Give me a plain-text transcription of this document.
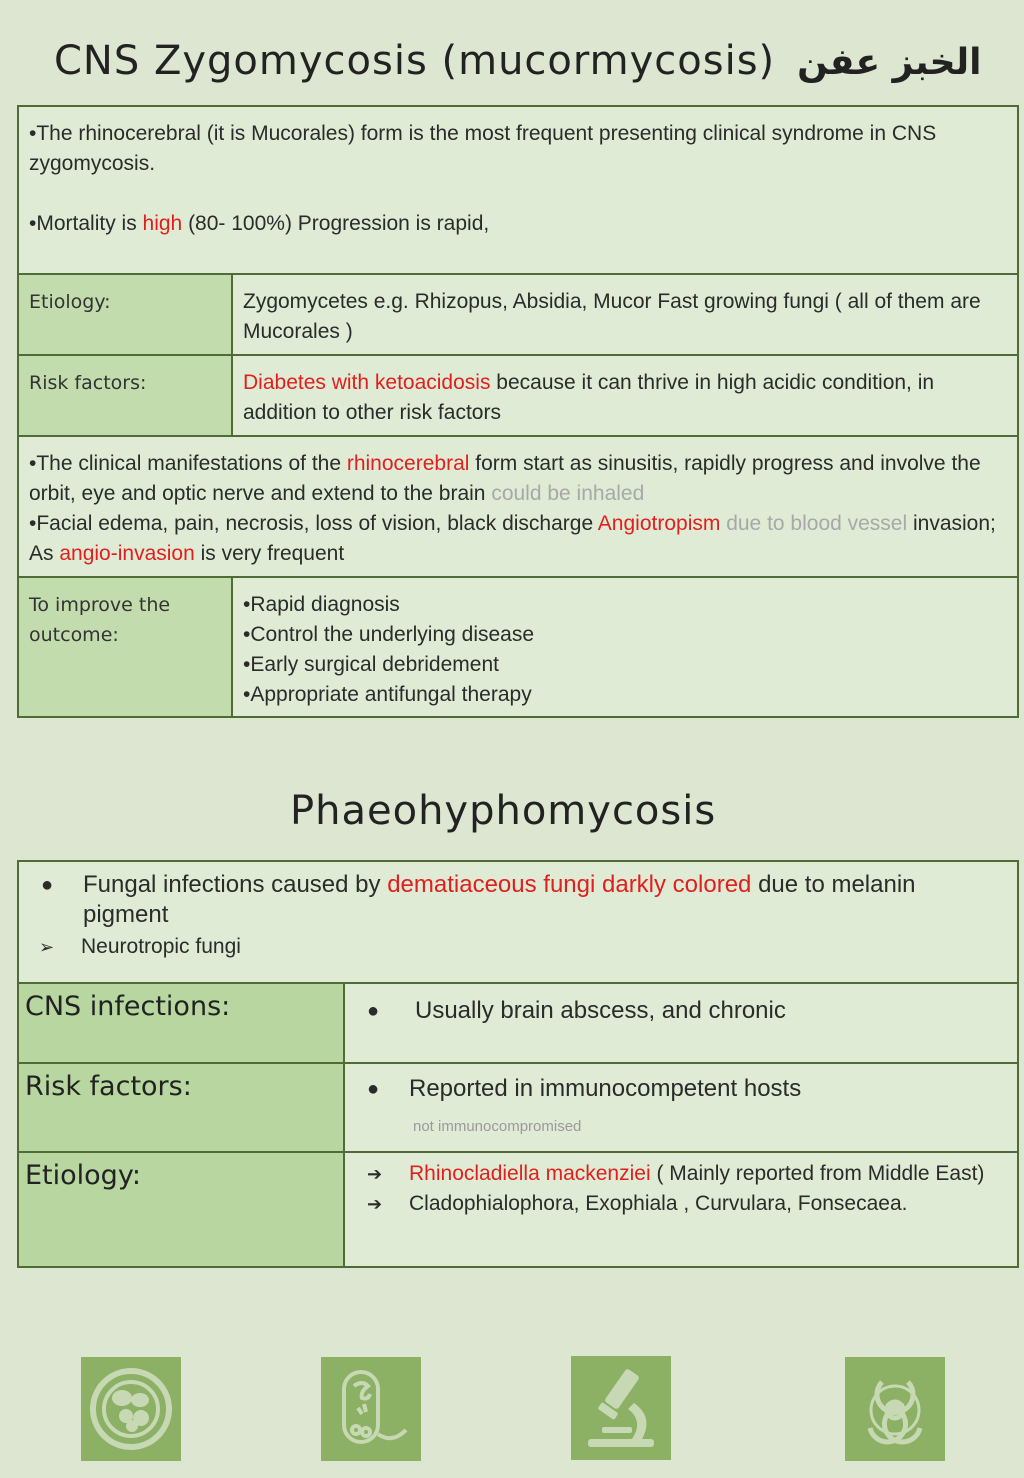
CNS Zygomycosis (mucormycosis) الخبز عفن

•The rhinocerebral (it is Mucorales) form is the most frequent presenting clinical syndrome in CNS zygomycosis.

•Mortality is high (80- 100%) Progression is rapid,	

Etiology:	Zygomycetes e.g. Rhizopus, Absidia, Mucor Fast growing fungi ( all of them are Mucorales )
Risk factors:	Diabetes with ketoacidosis because it can thrive in high acidic condition, in addition to other risk factors

•The clinical manifestations of the rhinocerebral form start as sinusitis, rapidly progress and involve the orbit, eye and optic nerve and extend to the brain could be inhaled

•Facial edema, pain, necrosis, loss of vision, black discharge Angiotropism due to blood vessel invasion; As angio-invasion is very frequent	

To improve the outcome:	•Rapid diagnosis

•Control the underlying disease

•Early surgical debridement

•Appropriate antifungal therapy

Phaeohyphomycosis
● Fungal infections caused by dematiaceous fungi darkly colored due to melanin pigment
➢ Neurotropic fungi	

CNS infections:	● Usually brain abscess, and chronic

Risk factors:	● Reported in immunocompetent hosts
not immunocompromised

Etiology:	➔ Rhinocladiella mackenziei ( Mainly reported from Middle East)
➔ Cladophialophora, Exophiala , Curvulara, Fonsecaea.
